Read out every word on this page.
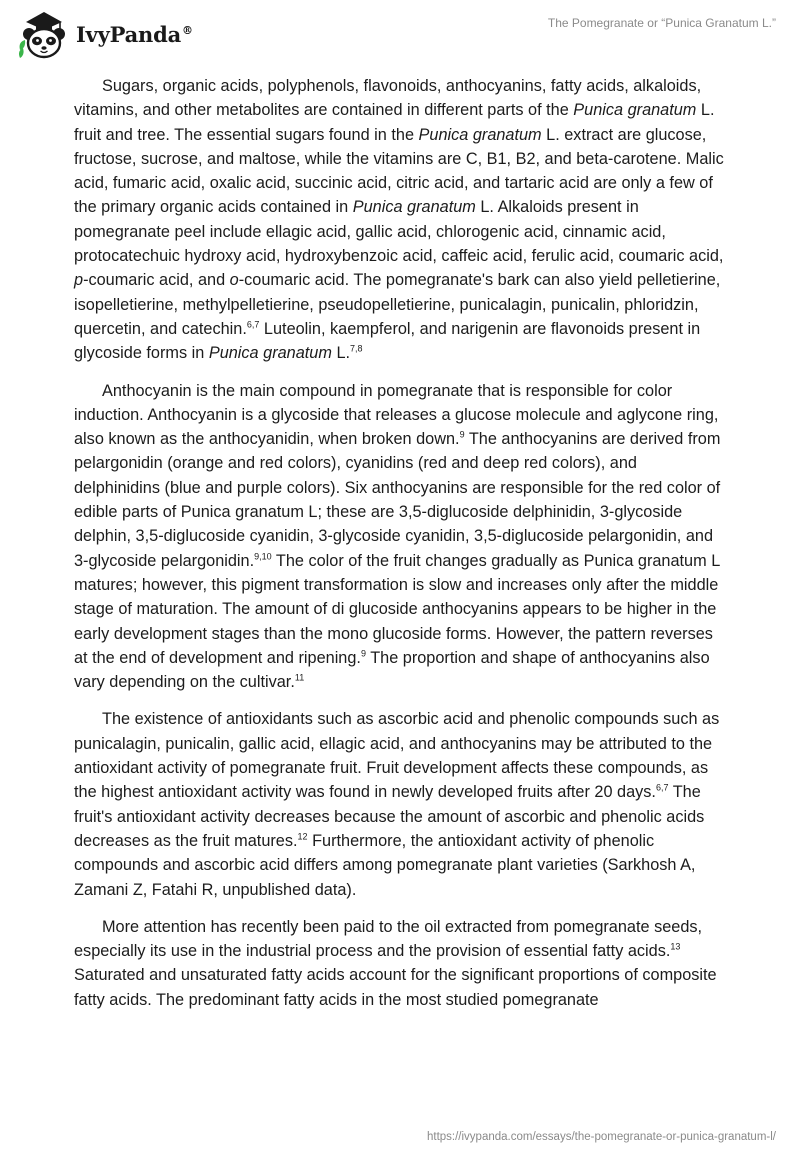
IvyPanda®	The Pomegranate or “Punica Granatum L.”

Sugars, organic acids, polyphenols, flavonoids, anthocyanins, fatty acids, alkaloids, vitamins, and other metabolites are contained in different parts of the Punica granatum L. fruit and tree. The essential sugars found in the Punica granatum L. extract are glucose, fructose, sucrose, and maltose, while the vitamins are C, B1, B2, and beta-carotene. Malic acid, fumaric acid, oxalic acid, succinic acid, citric acid, and tartaric acid are only a few of the primary organic acids contained in Punica granatum L. Alkaloids present in pomegranate peel include ellagic acid, gallic acid, chlorogenic acid, cinnamic acid, protocatechuic hydroxy acid, hydroxybenzoic acid, caffeic acid, ferulic acid, coumaric acid, p-coumaric acid, and o-coumaric acid. The pomegranate's bark can also yield pelletierine, isopelletierine, methylpelletierine, pseudopelletierine, punicalagin, punicalin, phloridzin, quercetin, and catechin.$^{6,7}$ Luteolin, kaempferol, and narigenin are flavonoids present in glycoside forms in Punica granatum L.$^{7,8}$

Anthocyanin is the main compound in pomegranate that is responsible for color induction. Anthocyanin is a glycoside that releases a glucose molecule and aglycone ring, also known as the anthocyanidin, when broken down.$^9$ The anthocyanins are derived from pelargonidin (orange and red colors), cyanidins (red and deep red colors), and delphinidins (blue and purple colors). Six anthocyanins are responsible for the red color of edible parts of Punica granatum L; these are 3,5-diglucoside delphinidin, 3-glycoside delphin, 3,5-diglucoside cyanidin, 3-glycoside cyanidin, 3,5-diglucoside pelargonidin, and 3-glycoside pelargonidin.$^{9,10}$ The color of the fruit changes gradually as Punica granatum L matures; however, this pigment transformation is slow and increases only after the middle stage of maturation. The amount of di glucoside anthocyanins appears to be higher in the early development stages than the mono glucoside forms. However, the pattern reverses at the end of development and ripening.$^9$ The proportion and shape of anthocyanins also vary depending on the cultivar.$^{11}$

The existence of antioxidants such as ascorbic acid and phenolic compounds such as punicalagin, punicalin, gallic acid, ellagic acid, and anthocyanins may be attributed to the antioxidant activity of pomegranate fruit. Fruit development affects these compounds, as the highest antioxidant activity was found in newly developed fruits after 20 days.$^{6,7}$ The fruit's antioxidant activity decreases because the amount of ascorbic and phenolic acids decreases as the fruit matures.$^{12}$ Furthermore, the antioxidant activity of phenolic compounds and ascorbic acid differs among pomegranate plant varieties (Sarkhosh A, Zamani Z, Fatahi R, unpublished data).

More attention has recently been paid to the oil extracted from pomegranate seeds, especially its use in the industrial process and the provision of essential fatty acids.$^{13}$ Saturated and unsaturated fatty acids account for the significant proportions of composite fatty acids. The predominant fatty acids in the most studied pomegranate

https://ivypanda.com/essays/the-pomegranate-or-punica-granatum-l/
